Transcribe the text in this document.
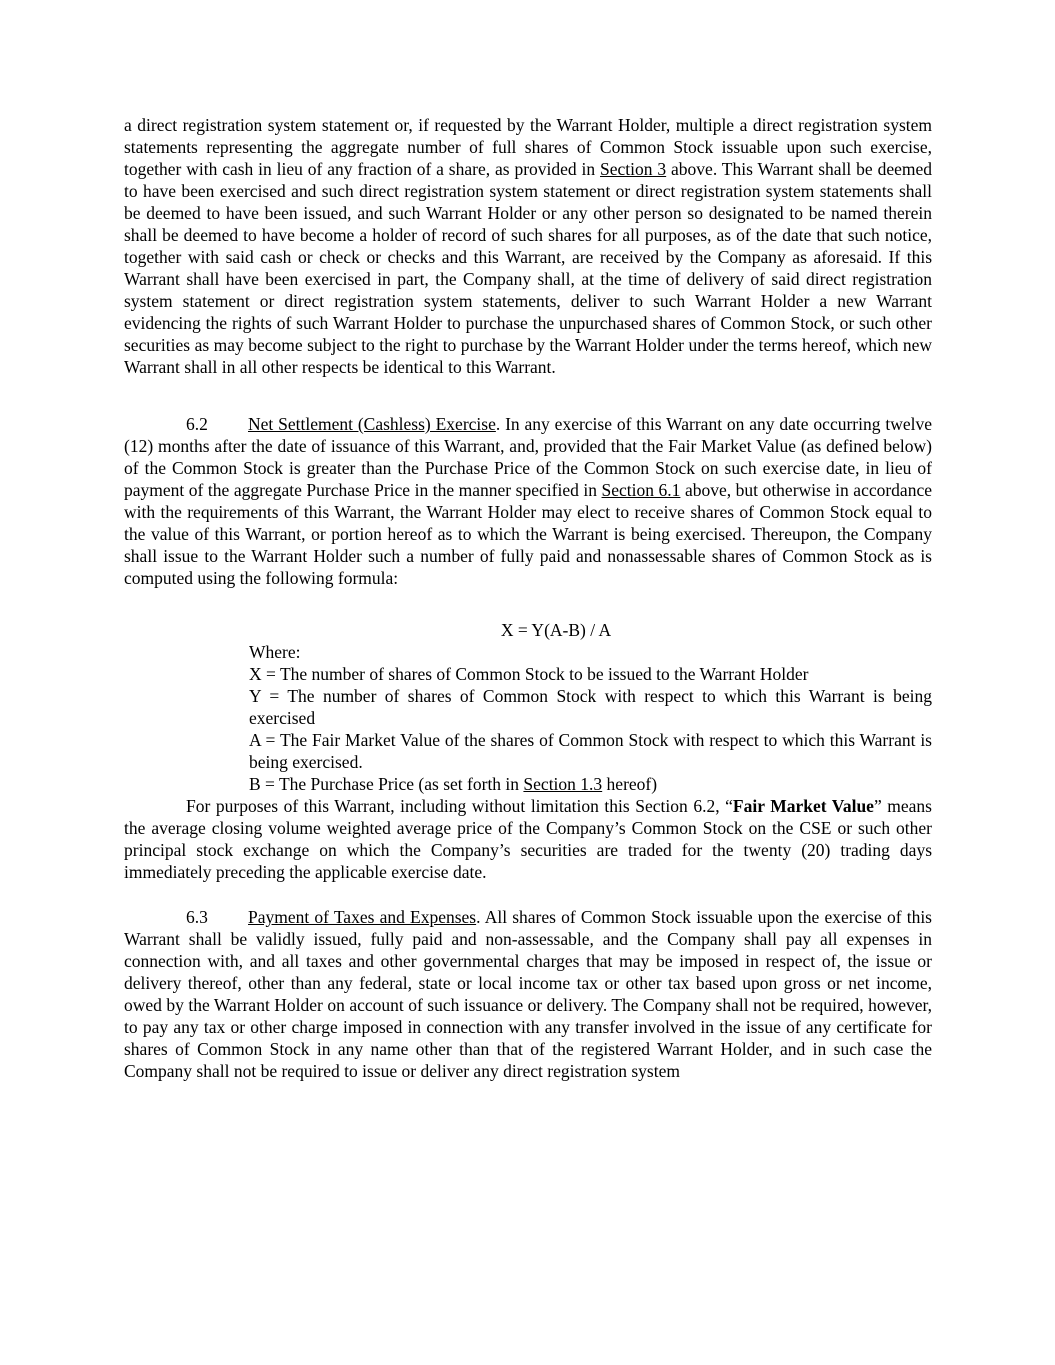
a direct registration system statement or, if requested by the Warrant Holder, multiple a direct registration system statements representing the aggregate number of full shares of Common Stock issuable upon such exercise, together with cash in lieu of any fraction of a share, as provided in Section 3 above. This Warrant shall be deemed to have been exercised and such direct registration system statement or direct registration system statements shall be deemed to have been issued, and such Warrant Holder or any other person so designated to be named therein shall be deemed to have become a holder of record of such shares for all purposes, as of the date that such notice, together with said cash or check or checks and this Warrant, are received by the Company as aforesaid. If this Warrant shall have been exercised in part, the Company shall, at the time of delivery of said direct registration system statement or direct registration system statements, deliver to such Warrant Holder a new Warrant evidencing the rights of such Warrant Holder to purchase the unpurchased shares of Common Stock, or such other securities as may become subject to the right to purchase by the Warrant Holder under the terms hereof, which new Warrant shall in all other respects be identical to this Warrant.

6.2 Net Settlement (Cashless) Exercise. In any exercise of this Warrant on any date occurring twelve (12) months after the date of issuance of this Warrant, and, provided that the Fair Market Value (as defined below) of the Common Stock is greater than the Purchase Price of the Common Stock on such exercise date, in lieu of payment of the aggregate Purchase Price in the manner specified in Section 6.1 above, but otherwise in accordance with the requirements of this Warrant, the Warrant Holder may elect to receive shares of Common Stock equal to the value of this Warrant, or portion hereof as to which the Warrant is being exercised. Thereupon, the Company shall issue to the Warrant Holder such a number of fully paid and nonassessable shares of Common Stock as is computed using the following formula:

X = Y(A-B) / A

Where:

X = The number of shares of Common Stock to be issued to the Warrant Holder

Y = The number of shares of Common Stock with respect to which this Warrant is being exercised

A = The Fair Market Value of the shares of Common Stock with respect to which this Warrant is being exercised.

B = The Purchase Price (as set forth in Section 1.3 hereof)

For purposes of this Warrant, including without limitation this Section 6.2, “Fair Market Value” means the average closing volume weighted average price of the Company’s Common Stock on the CSE or such other principal stock exchange on which the Company’s securities are traded for the twenty (20) trading days immediately preceding the applicable exercise date.

6.3 Payment of Taxes and Expenses. All shares of Common Stock issuable upon the exercise of this Warrant shall be validly issued, fully paid and non-assessable, and the Company shall pay all expenses in connection with, and all taxes and other governmental charges that may be imposed in respect of, the issue or delivery thereof, other than any federal, state or local income tax or other tax based upon gross or net income, owed by the Warrant Holder on account of such issuance or delivery. The Company shall not be required, however, to pay any tax or other charge imposed in connection with any transfer involved in the issue of any certificate for shares of Common Stock in any name other than that of the registered Warrant Holder, and in such case the Company shall not be required to issue or deliver any direct registration system
